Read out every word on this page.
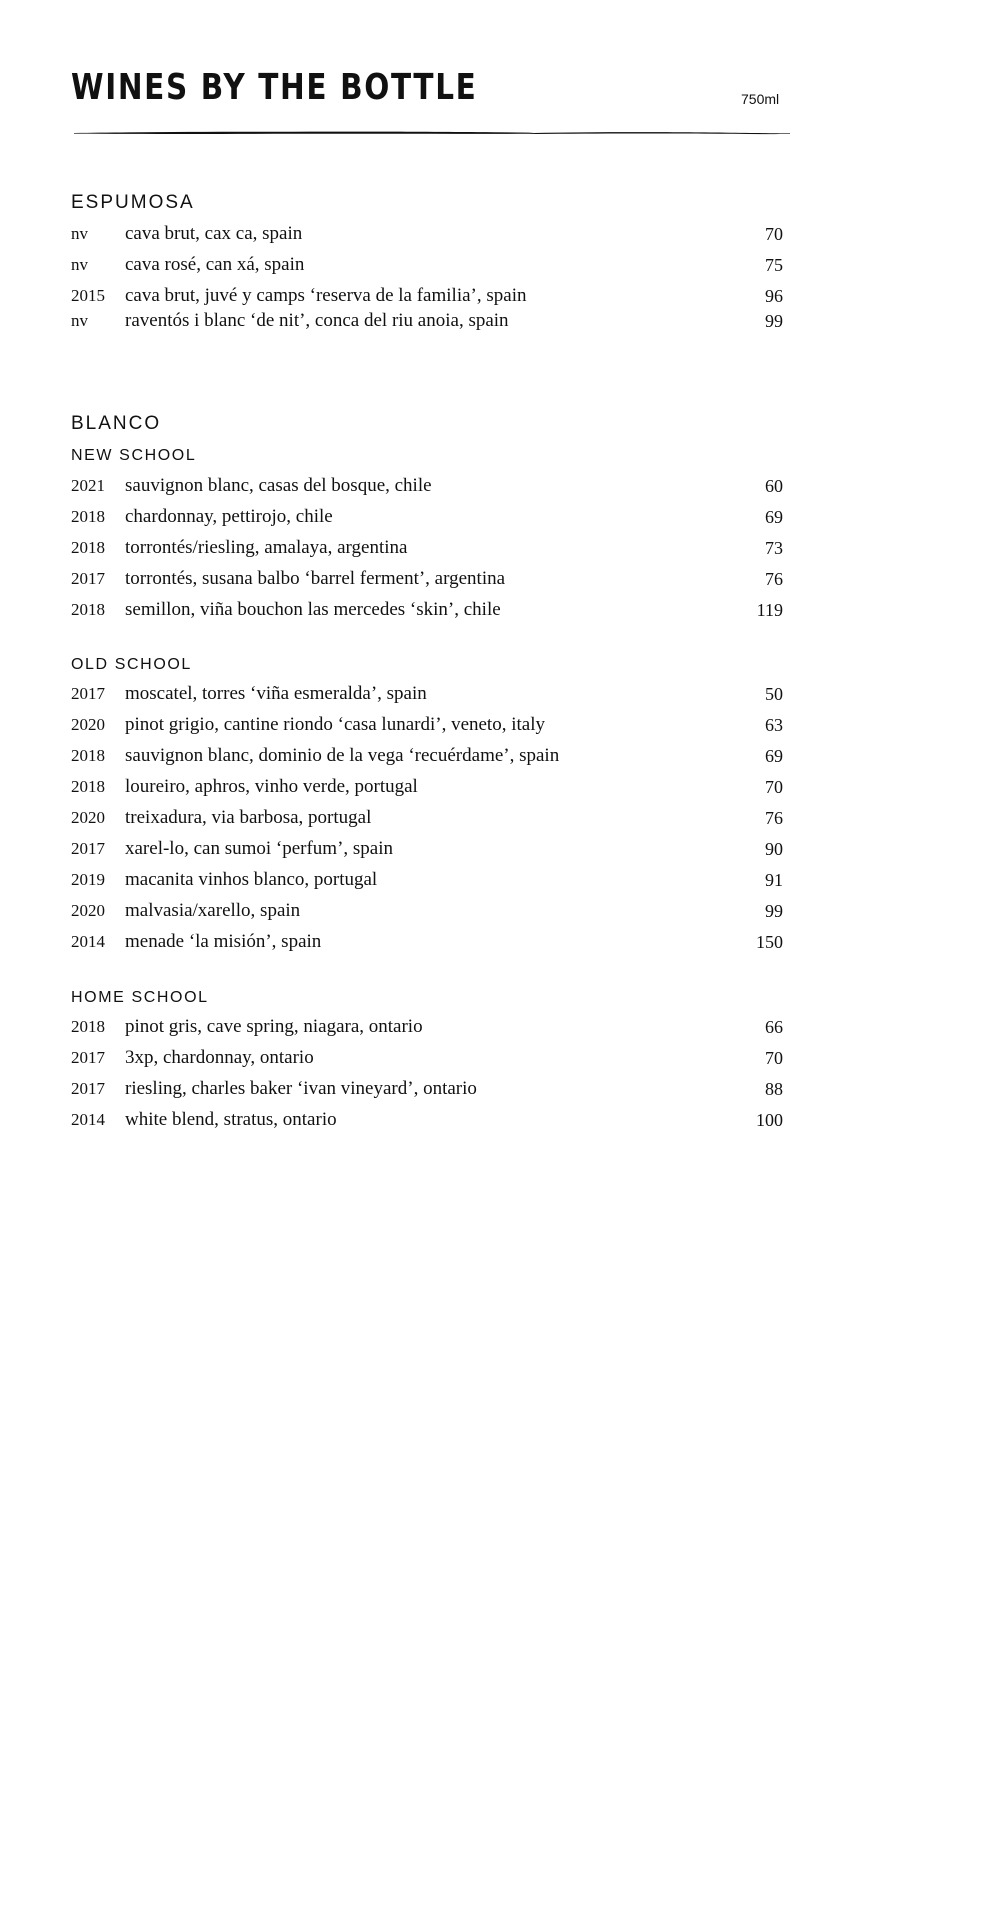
WINES BY THE BOTTLE	750ml
ESPUMOSA
nv cava brut, cax ca, spain	70
nv cava rosé, can xá, spain	75
2015 cava brut, juvé y camps ‘reserva de la familia’, spain	96
nv raventós i blanc ‘de nit’, conca del riu anoia, spain	99
BLANCO
NEW SCHOOL
2021 sauvignon blanc, casas del bosque, chile	60
2018 chardonnay, pettirojo, chile	69
2018 torrontés/riesling, amalaya, argentina	73
2017 torrontés, susana balbo ‘barrel ferment’, argentina	76
2018 semillon, viña bouchon las mercedes ‘skin’, chile	119
OLD SCHOOL
2017 moscatel, torres ‘viña esmeralda’, spain	50
2020 pinot grigio, cantine riondo ‘casa lunardi’, veneto, italy	63
2018 sauvignon blanc, dominio de la vega ‘recuérdame’, spain	69
2018 loureiro, aphros, vinho verde, portugal	70
2020 treixadura, via barbosa, portugal	76
2017 xarel-lo, can sumoi ‘perfum’, spain	90
2019 macanita vinhos blanco, portugal	91
2020 malvasia/xarello, spain	99
2014 menade ‘la misión’, spain	150
HOME SCHOOL
2018 pinot gris, cave spring, niagara, ontario	66
2017 3xp, chardonnay, ontario	70
2017 riesling, charles baker ‘ivan vineyard’, ontario	88
2014 white blend, stratus, ontario	100
